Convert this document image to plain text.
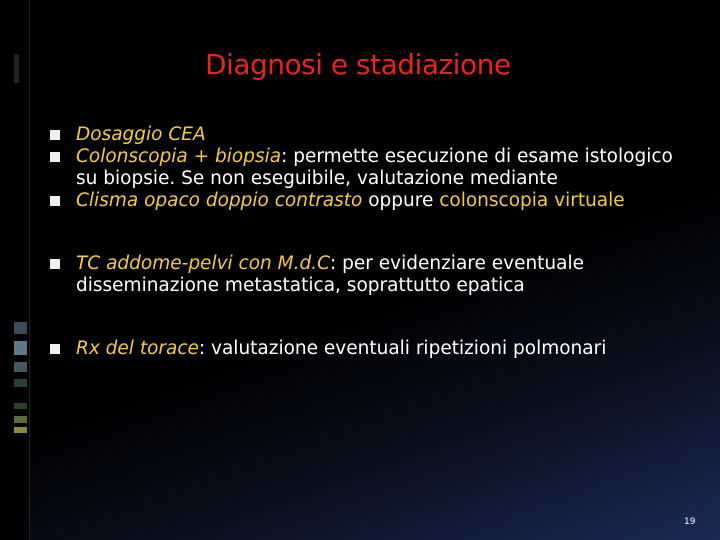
Diagnosi e stadiazione

Dosaggio CEA

Colonscopia + biopsia: permette esecuzione di esame istologico su biopsie. Se non eseguibile, valutazione mediante

Clisma opaco doppio contrasto oppure colonscopia virtuale

TC addome-pelvi con M.d.C: per evidenziare eventuale disseminazione metastatica, soprattutto epatica

Rx del torace: valutazione eventuali ripetizioni polmonari

19
